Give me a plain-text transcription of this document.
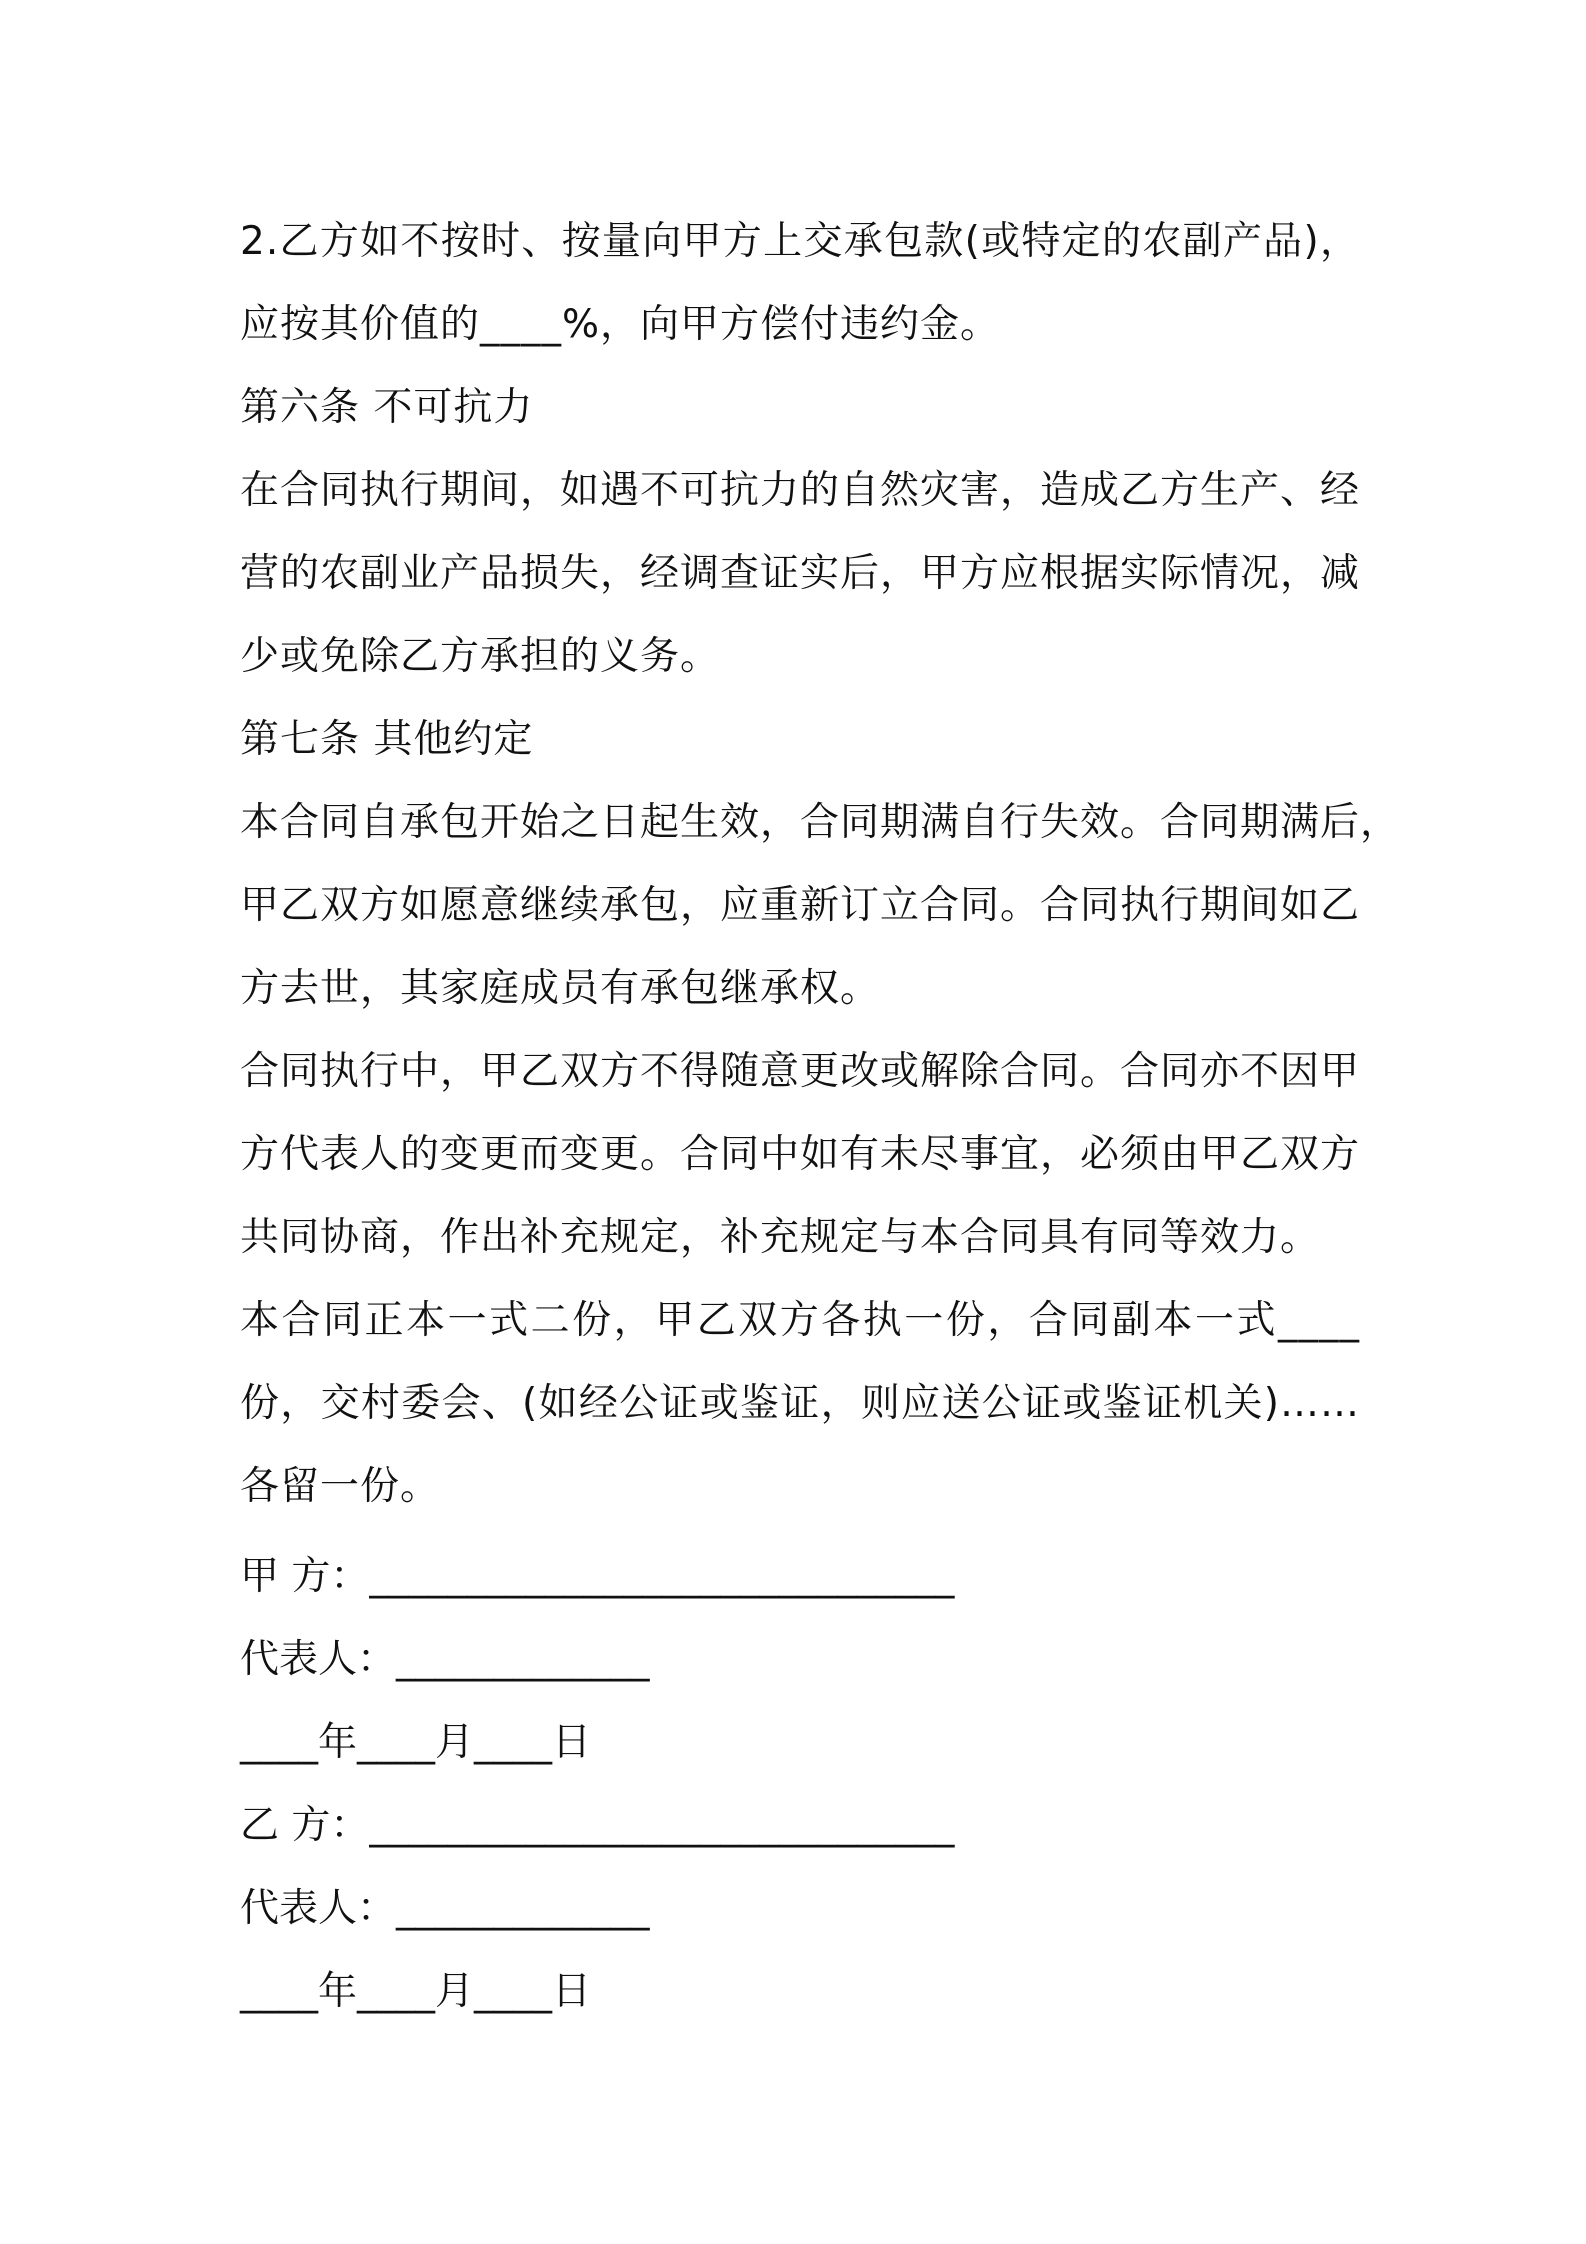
2.乙方如不按时、按量向甲方上交承包款(或特定的农副产品)，
应按其价值的____%，向甲方偿付违约金。
第六条 不可抗力
在合同执行期间，如遇不可抗力的自然灾害，造成乙方生产、经
营的农副业产品损失，经调查证实后，甲方应根据实际情况，减
少或免除乙方承担的义务。
第七条 其他约定
本合同自承包开始之日起生效，合同期满自行失效。合同期满后，
甲乙双方如愿意继续承包，应重新订立合同。合同执行期间如乙
方去世，其家庭成员有承包继承权。
合同执行中，甲乙双方不得随意更改或解除合同。合同亦不因甲
方代表人的变更而变更。合同中如有未尽事宜，必须由甲乙双方
共同协商，作出补充规定，补充规定与本合同具有同等效力。
本合同正本一式二份，甲乙双方各执一份，合同副本一式____
份，交村委会、(如经公证或鉴证，则应送公证或鉴证机关)……
各留一份。
甲 方：______________________________
代表人：_____________
____年____月____日
乙 方：______________________________
代表人：_____________
____年____月____日
